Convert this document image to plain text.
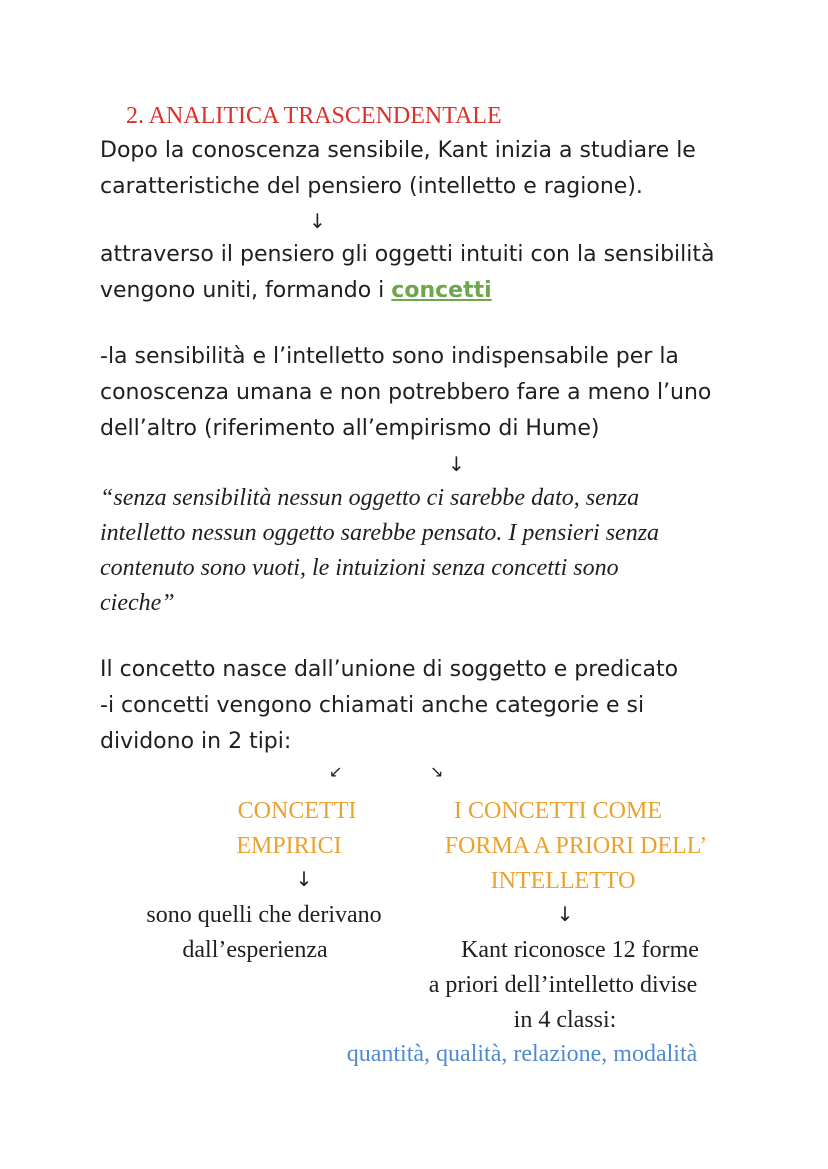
2. ANALITICA TRASCENDENTALE
Dopo la conoscenza sensibile, Kant inizia a studiare le
caratteristiche del pensiero (intelletto e ragione).
↓
attraverso il pensiero gli oggetti intuiti con la sensibilità
vengono uniti, formando i concetti
-la sensibilità e l’intelletto sono indispensabile per la
conoscenza umana e non potrebbero fare a meno l’uno
dell’altro (riferimento all’empirismo di Hume)
↓
“senza sensibilità nessun oggetto ci sarebbe dato, senza
intelletto nessun oggetto sarebbe pensato. I pensieri senza
contenuto sono vuoti, le intuizioni senza concetti sono
cieche”
Il concetto nasce dall’unione di soggetto e predicato
-i concetti vengono chiamati anche categorie e si
dividono in 2 tipi:
↙	↘
CONCETTI
EMPIRICI
↓
sono quelli che derivano
dall’esperienza
I CONCETTI COME
FORMA A PRIORI DELL’
INTELLETTO
↓
Kant riconosce 12 forme
a priori dell’intelletto divise
in 4 classi:
quantità, qualità, relazione, modalità
